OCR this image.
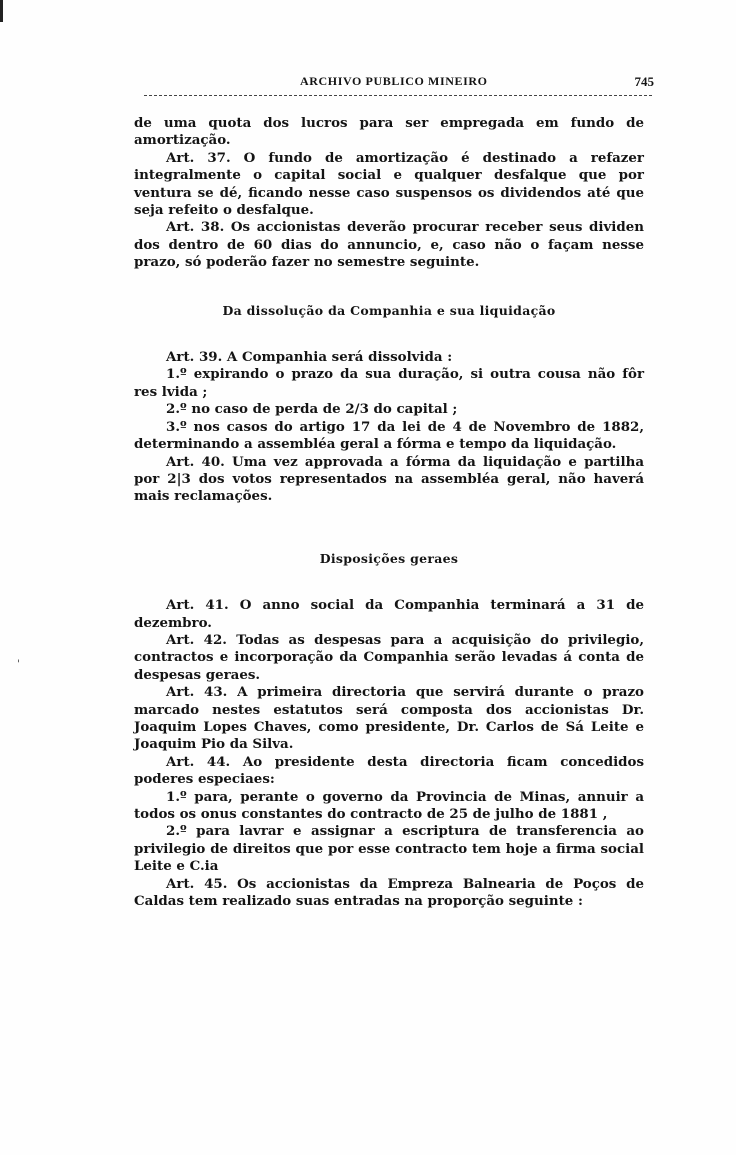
'
ARCHIVO PUBLICO MINEIRO	745

de uma quota dos lucros para ser empregada em fundo de amortização.

Art. 37. O fundo de amortização é destinado a refazer integralmente o capital social e qualquer desfalque que por ventura se dé, ficando nesse caso suspensos os dividendos até que seja refeito o desfalque.

Art. 38. Os accionistas deverão procurar receber seus dividen dos dentro de 60 dias do annuncio, e, caso não o façam nesse prazo, só poderão fazer no semestre seguinte.

Da dissolução da Companhia e sua liquidação

Art. 39. A Companhia será dissolvida :

1.º expirando o prazo da sua duração, si outra cousa não fôr res lvida ;

2.º no caso de perda de 2/3 do capital ;

3.º nos casos do artigo 17 da lei de 4 de Novembro de 1882, determinando a assembléa geral a fórma e tempo da liquidação.

Art. 40. Uma vez approvada a fórma da liquidação e partilha por 2|3 dos votos representados na assembléa geral, não haverá mais reclamações.

Disposições geraes

Art. 41. O anno social da Companhia terminará a 31 de dezembro.

Art. 42. Todas as despesas para a acquisição do privilegio, contractos e incorporação da Companhia serão levadas á conta de despesas geraes.

Art. 43. A primeira directoria que servirá durante o prazo marcado nestes estatutos será composta dos accionistas Dr. Joaquim Lopes Chaves, como presidente, Dr. Carlos de Sá Leite e Joaquim Pio da Silva.

Art. 44. Ao presidente desta directoria ficam concedidos poderes especiaes:

1.º para, perante o governo da Provincia de Minas, annuir a todos os onus constantes do contracto de 25 de julho de 1881 ,

2.º para lavrar e assignar a escriptura de transferencia ao privilegio de direitos que por esse contracto tem hoje a firma social Leite e C.ia

Art. 45. Os accionistas da Empreza Balnearia de Poços de Caldas tem realizado suas entradas na proporção seguinte :
